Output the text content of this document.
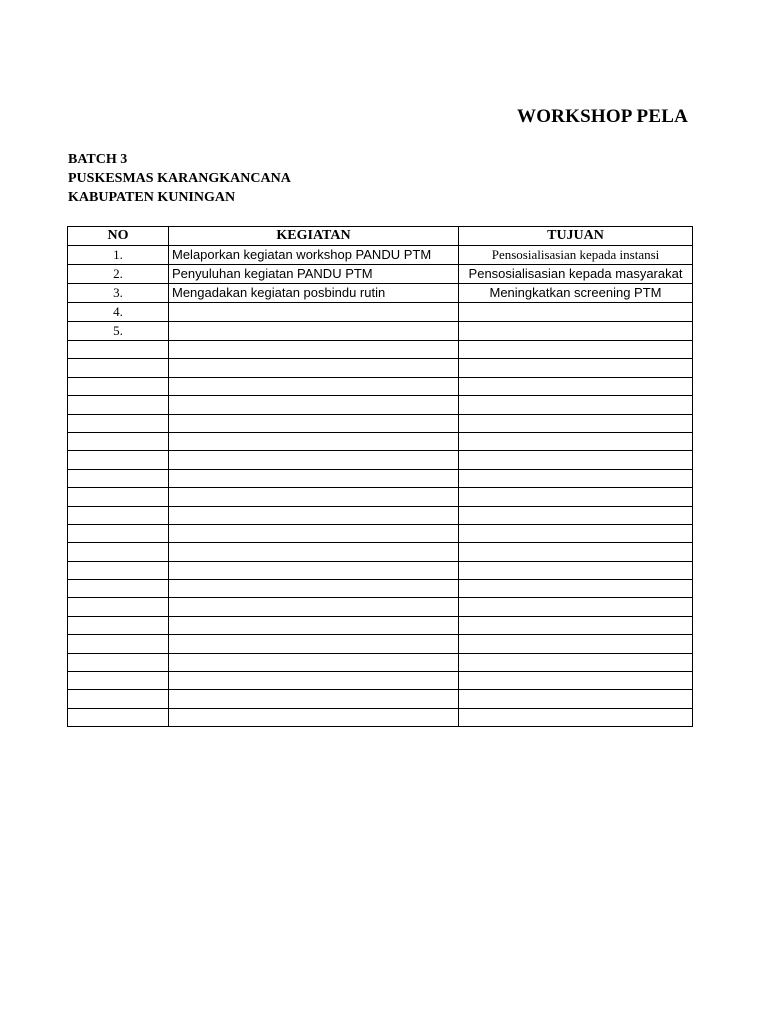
WORKSHOP PELA
BATCH 3
PUSKESMAS KARANGKANCANA
KABUPATEN KUNINGAN
NO	KEGIATAN	TUJUAN
1.	Melaporkan kegiatan workshop PANDU PTM	Pensosialisasian kepada instansi
2.	Penyuluhan kegiatan PANDU PTM	Pensosialisasian kepada masyarakat
3.	Mengadakan kegiatan posbindu rutin	Meningkatkan screening PTM
4.		
5.		
